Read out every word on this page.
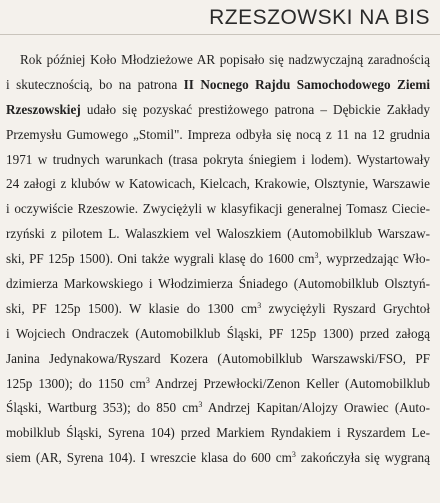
RZESZOWSKI NA BIS
Rok później Koło Młodzieżowe AR popisało się nadzwyczajną zaradnością
i skutecznością, bo na patrona II Nocnego Rajdu Samochodowego Ziemi
Rzeszowskiej udało się pozyskać prestiżowego patrona – Dębickie Zakłady
Przemysłu Gumowego „Stomil". Impreza odbyła się nocą z 11 na 12 grudnia
1971 w trudnych warunkach (trasa pokryta śniegiem i lodem). Wystartowały
24 załogi z klubów w Katowicach, Kielcach, Krakowie, Olsztynie, Warszawie
i oczywiście Rzeszowie. Zwyciężyli w klasyfikacji generalnej Tomasz Ciecie-
rzyński z pilotem L. Walaszkiem vel Waloszkiem (Automobilklub Warszaw-
ski, PF 125p 1500). Oni także wygrali klasę do 1600 $cm^3$, wyprzedzając Wło-
dzimierza Markowskiego i Włodzimierza Śniadego (Automobilklub Olsztyń-
ski, PF 125p 1500). W klasie do 1300 $cm^3$ zwyciężyli Ryszard Grychtoł
i Wojciech Ondraczek (Automobilklub Śląski, PF 125p 1300) przed załogą
Janina Jedynakowa/Ryszard Kozera (Automobilklub Warszawski/FSO, PF
125p 1300); do 1150 $cm^3$ Andrzej Przewłocki/Zenon Keller (Automobilklub
Śląski, Wartburg 353); do 850 $cm^3$ Andrzej Kapitan/Alojzy Orawiec (Auto-
mobilklub Śląski, Syrena 104) przed Markiem Ryndakiem i Ryszardem Le-
siem (AR, Syrena 104). I wreszcie klasa do 600 $cm^3$ zakończyła się wygraną
